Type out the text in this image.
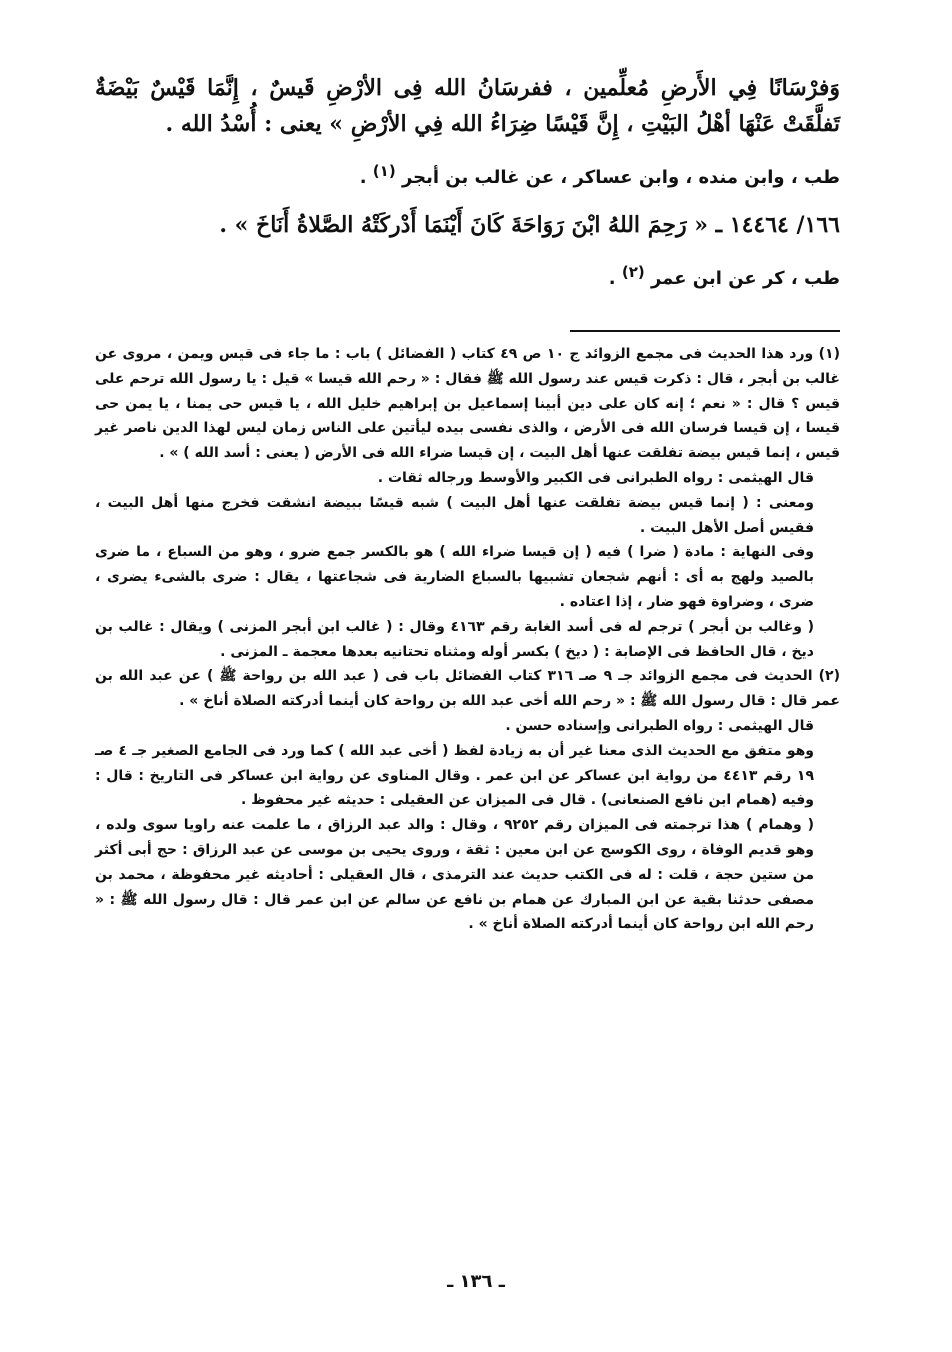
وَفرْسَانًا فِي الأَرضِ مُعلِّمين ، ففرسَانُ الله فِى الأرْضِ قَيسٌ ، إِنَّمَا قَيْسٌ بَيْضَةٌ تَفلَّقَتْ عَنْهَا أهْلُ البَيْتِ ، إِنَّ قَيْسًا ضِرَاءُ الله فِي الأرْضِ » يعنى : أُسْدُ الله .

طب ، وابن منده ، وابن عساكر ، عن غالب بن أبجر $^{(١)}$ .

١٦٦/ ١٤٤٦٤ ـ « رَحِمَ اللهُ ابْنَ رَوَاحَةَ كَانَ أَيْنَمَا أَدْركَتْهُ الصَّلاةُ أَنَاخَ » .

طب ، كر عن ابن عمر $^{(٢)}$ .

(١) ورد هذا الحديث فى مجمع الزوائد ج ١٠ ص ٤٩ كتاب ( الفضائل ) باب : ما جاء فى قيس ويمن ، مروى عن غالب بن أبجر ، قال : ذكرت قيس عند رسول الله ﷺ فقال : « رحم الله قيسا » قيل : يا رسول الله ترحم على قيس ؟ قال : « نعم ؛ إنه كان على دين أبينا إسماعيل بن إبراهيم خليل الله ، يا قيس حى يمنا ، يا يمن حى قيسا ، إن قيسا فرسان الله فى الأرض ، والذى نفسى بيده ليأتين على الناس زمان ليس لهذا الدين ناصر غير قيس ، إنما قيس بيضة تفلقت عنها أهل البيت ، إن قيسا ضراء الله فى الأرض ( يعنى : أسد الله ) » .

قال الهيثمى : رواه الطبرانى فى الكبير والأوسط ورجاله ثقات .

ومعنى : ( إنما قيس بيضة تفلقت عنها أهل البيت ) شبه قيسًا ببيضة انشقت فخرج منها أهل البيت ، فقيس أصل الأهل البيت .

وفى النهاية : مادة ( ضرا ) فيه ( إن قيسا ضراء الله ) هو بالكسر جمع ضرو ، وهو من السباع ، ما ضرى بالصيد ولهج به أى : أنهم شجعان تشبيها بالسباع الضارية فى شجاعتها ، يقال : ضرى بالشىء يضرى ، ضرى ، وضراوة فهو ضار ، إذا اعتاده .

( وغالب بن أبجر ) ترجم له فى أسد الغابة رقم ٤١٦٣ وقال : ( غالب ابن أبجر المزنى ) ويقال : غالب بن ديخ ، قال الحافظ فى الإصابة : ( ديخ ) بكسر أوله ومثناه تحتانيه بعدها معجمة ـ المزنى .

(٢) الحديث فى مجمع الزوائد جـ ٩ صـ ٣١٦ كتاب الفضائل باب فى ( عبد الله بن رواحة ﷺ ) عن عبد الله بن عمر قال : قال رسول الله ﷺ : « رحم الله أخى عبد الله بن رواحة كان أينما أدركته الصلاة أناخ » .

قال الهيثمى : رواه الطبرانى وإسناده حسن .

وهو متفق مع الحديث الذى معنا غير أن به زيادة لفظ ( أخى عبد الله ) كما ورد فى الجامع الصغير جـ ٤ صـ ١٩ رقم ٤٤١٣ من رواية ابن عساكر عن ابن عمر . وقال المناوى عن رواية ابن عساكر فى التاريخ : قال : وفيه (همام ابن نافع الصنعانى) . قال فى الميزان عن العقيلى : حديثه غير محفوظ .

( وهمام ) هذا ترجمته فى الميزان رقم ٩٢٥٢ ، وقال : والد عبد الرزاق ، ما علمت عنه راويا سوى ولده ، وهو قديم الوفاة ، روى الكوسج عن ابن معين : ثقة ، وروى يحيى بن موسى عن عبد الرزاق : حج أبى أكثر من ستين حجة ، قلت : له فى الكتب حديث عند الترمذى ، قال العقيلى : أحاديثه غير محفوظة ، محمد بن مصفى حدثنا بقية عن ابن المبارك عن همام بن نافع عن سالم عن ابن عمر قال : قال رسول الله ﷺ : « رحم الله ابن رواحة كان أينما أدركته الصلاة أناخ » .

ـ ١٣٦ ـ
